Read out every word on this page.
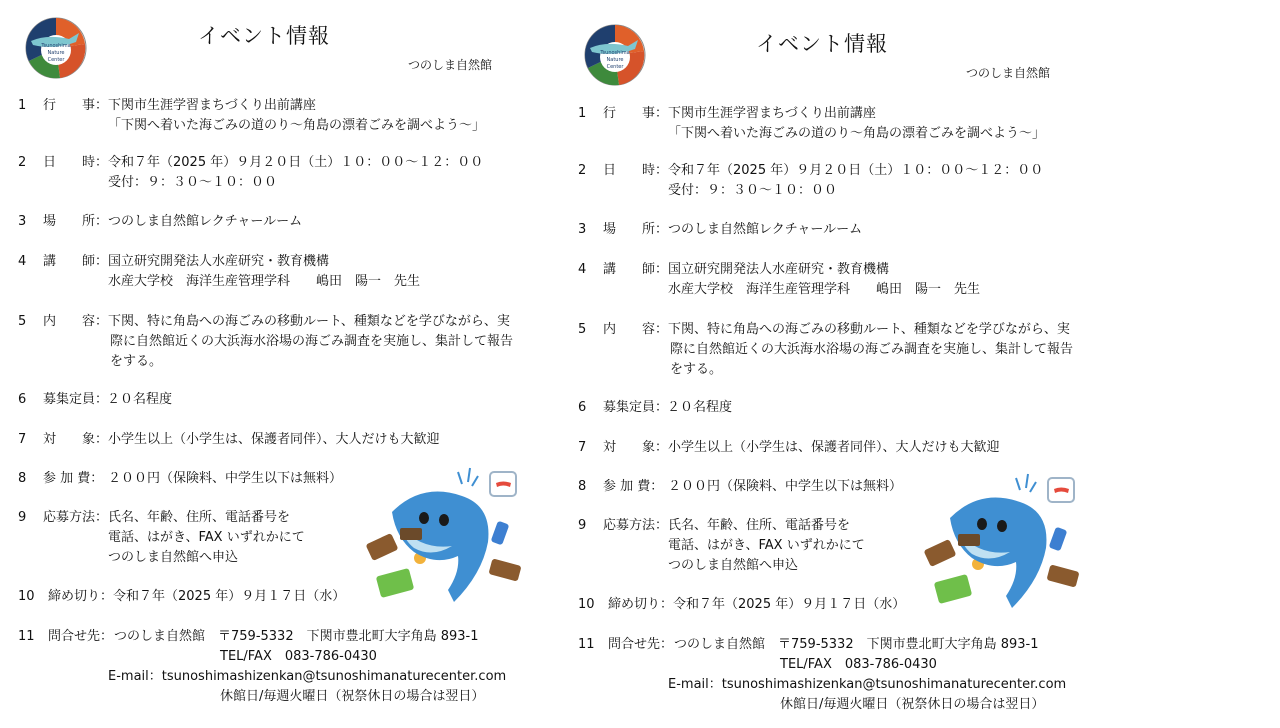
Tsunoshima
Nature
Center
イベント情報
つのしま自然館
1 行　　事： 下関市生涯学習まちづくり出前講座
「下関へ着いた海ごみの道のり～角島の漂着ごみを調べよう～」
2 日　　時： 令和７年（2025 年）９月２０日（土）１０：００～１２：００
受付：９：３０～１０：００
3 場　　所： つのしま自然館レクチャールーム
4 講　　師： 国立研究開発法人水産研究・教育機構
水産大学校　海洋生産管理学科　　嶋田　陽一　先生
5 内　　容： 下関、特に角島への海ごみの移動ルート、種類などを学びながら、実
際に自然館近くの大浜海水浴場の海ごみ調査を実施し、集計して報告
をする。
6 募集定員：
２０名程度
7 対　　象： 小学生以上（小学生は、保護者同伴）、大人だけも大歓迎
8 参 加 費： ２００円（保険料、中学生以下は無料）
9 応募方法： 氏名、年齢、住所、電話番号を
電話、はがき、FAX いずれかにて
つのしま自然館へ申込
10 締め切り： 令和７年（2025 年）９月１７日（水）
11 問合せ先： つのしま自然館　〒759-5332　下関市豊北町大字角島 893-1
TEL/FAX　083-786-0430
E-mail：tsunoshimashizenkan@tsunoshimanaturecenter.com
休館日/毎週火曜日（祝祭休日の場合は翌日）
Tsunoshima
Nature
Center
イベント情報
つのしま自然館
1 行　　事： 下関市生涯学習まちづくり出前講座
「下関へ着いた海ごみの道のり～角島の漂着ごみを調べよう～」
2 日　　時： 令和７年（2025 年）９月２０日（土）１０：００～１２：００
受付：９：３０～１０：００
3 場　　所： つのしま自然館レクチャールーム
4 講　　師： 国立研究開発法人水産研究・教育機構
水産大学校　海洋生産管理学科　　嶋田　陽一　先生
5 内　　容： 下関、特に角島への海ごみの移動ルート、種類などを学びながら、実
際に自然館近くの大浜海水浴場の海ごみ調査を実施し、集計して報告
をする。
6 募集定員：
２０名程度
7 対　　象： 小学生以上（小学生は、保護者同伴）、大人だけも大歓迎
8 参 加 費： ２００円（保険料、中学生以下は無料）
9 応募方法： 氏名、年齢、住所、電話番号を
電話、はがき、FAX いずれかにて
つのしま自然館へ申込
10 締め切り： 令和７年（2025 年）９月１７日（水）
11 問合せ先： つのしま自然館　〒759-5332　下関市豊北町大字角島 893-1
TEL/FAX　083-786-0430
E-mail：tsunoshimashizenkan@tsunoshimanaturecenter.com
休館日/毎週火曜日（祝祭休日の場合は翌日）
